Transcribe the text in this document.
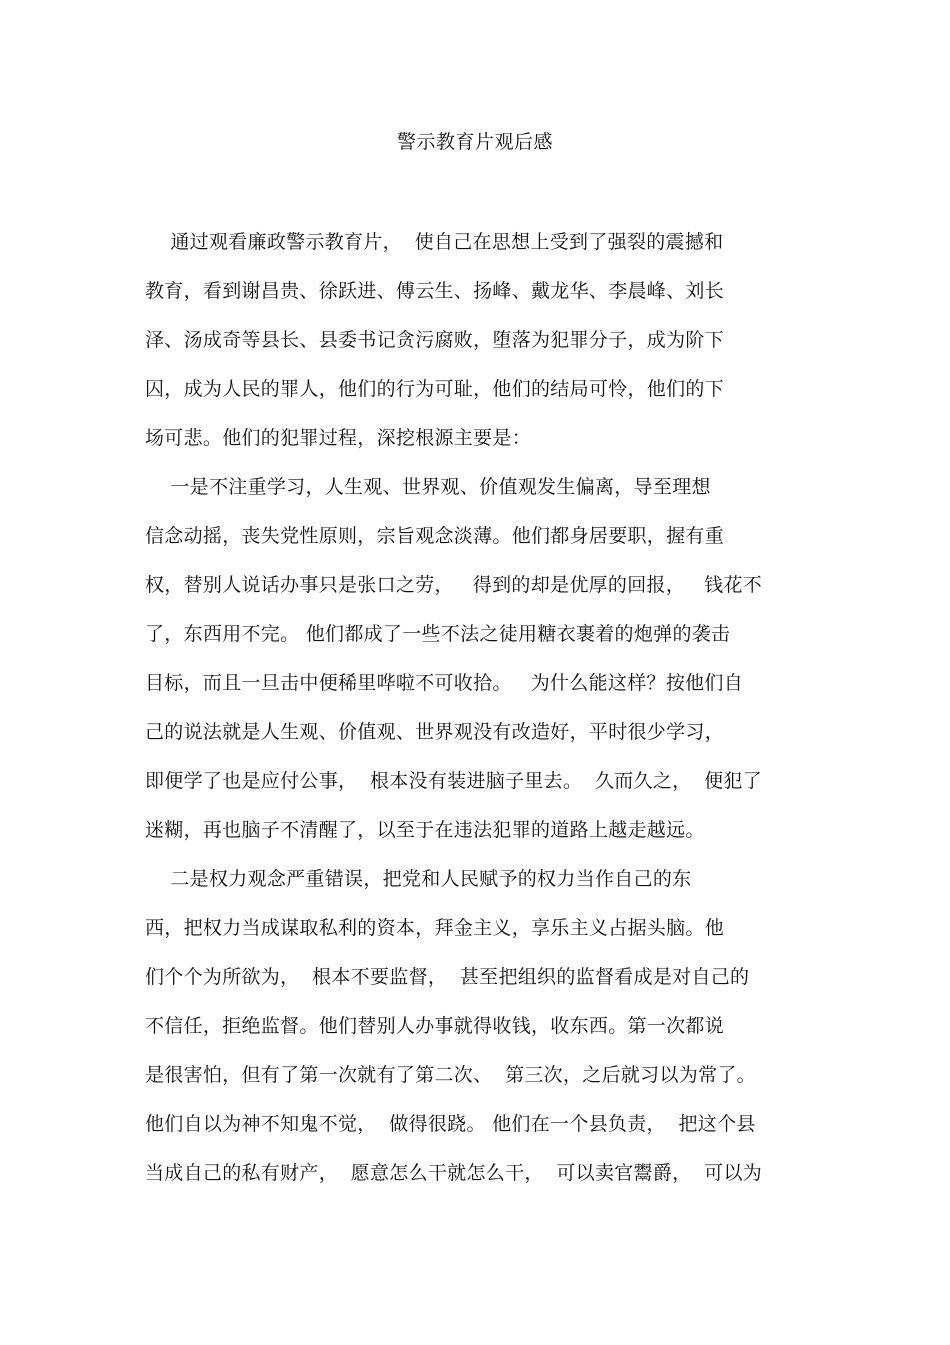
警示教育片观后感
通过观看廉政警示教育片，  使自己在思想上受到了强裂的震撼和
教育，看到谢昌贵、徐跃进、傅云生、扬峰、戴龙华、李晨峰、刘长
泽、汤成奇等县长、县委书记贪污腐败，堕落为犯罪分子，成为阶下
囚，成为人民的罪人，他们的行为可耻，他们的结局可怜，他们的下
场可悲。他们的犯罪过程，深挖根源主要是：
一是不注重学习，人生观、世界观、价值观发生偏离，导至理想
信念动摇，丧失党性原则，宗旨观念淡薄。他们都身居要职，握有重
权，替别人说话办事只是张口之劳，   得到的却是优厚的回报，   钱花不
了，东西用不完。 他们都成了一些不法之徒用糖衣裹着的炮弹的袭击
目标，而且一旦击中便稀里哗啦不可收拾。   为什么能这样？按他们自
己的说法就是人生观、价值观、世界观没有改造好，平时很少学习，
即便学了也是应付公事，  根本没有装进脑子里去。  久而久之，  便犯了
迷糊，再也脑子不清醒了，以至于在违法犯罪的道路上越走越远。
二是权力观念严重错误，把党和人民赋予的权力当作自己的东
西，把权力当成谋取私利的资本，拜金主义，享乐主义占据头脑。他
们个个为所欲为，  根本不要监督，  甚至把组织的监督看成是对自己的
不信任，拒绝监督。他们替别人办事就得收钱，收东西。第一次都说
是很害怕，但有了第一次就有了第二次、  第三次，之后就习以为常了。
他们自以为神不知鬼不觉，  做得很跷。 他们在一个县负责，  把这个县
当成自己的私有财产，  愿意怎么干就怎么干，  可以卖官鬻爵，  可以为
